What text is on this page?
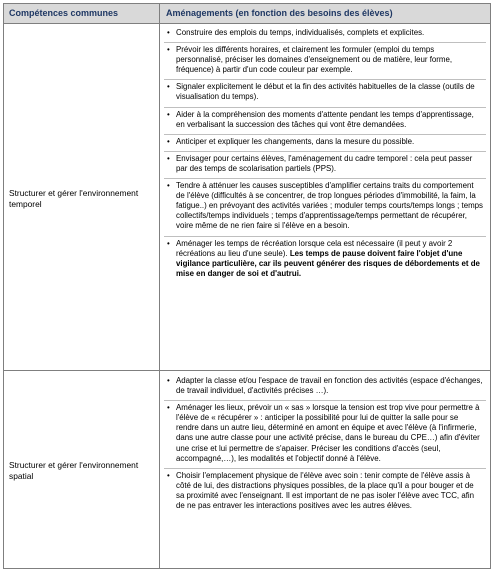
Compétences communes	Aménagements (en fonction des besoins des élèves)
Structurer et gérer l'environnement temporel
• Construire des emplois du temps, individualisés, complets et explicites.
• Prévoir les différents horaires, et clairement les formuler (emploi du temps personnalisé, préciser les domaines d'enseignement ou de matière, leur forme, fréquence) à partir d'un code couleur par exemple.
• Signaler explicitement le début et la fin des activités habituelles de la classe (outils de visualisation du temps).
• Aider à la compréhension des moments d'attente pendant les temps d'apprentissage, en verbalisant la succession des tâches qui vont être demandées.
• Anticiper et expliquer les changements, dans la mesure du possible.
• Envisager pour certains élèves, l'aménagement du cadre temporel : cela peut passer par des temps de scolarisation partiels (PPS).
• Tendre à atténuer les causes susceptibles d'amplifier certains traits du comportement de l'élève (difficultés à se concentrer, de trop longues périodes d'immobilité, la faim, la fatigue..) en prévoyant des activités variées ; moduler temps courts/temps longs ; temps collectifs/temps individuels ; temps d'apprentissage/temps permettant de récupérer, voire même de ne rien faire si l'élève en a besoin.
• Aménager les temps de récréation lorsque cela est nécessaire (il peut y avoir 2 récréations au lieu d'une seule). Les temps de pause doivent faire l'objet d'une vigilance particulière, car ils peuvent générer des risques de débordements et de mise en danger de soi et d'autrui.
Structurer et gérer l'environnement spatial
• Adapter la classe et/ou l'espace de travail en fonction des activités (espace d'échanges, de travail individuel, d'activités précises …).
• Aménager les lieux, prévoir un « sas » lorsque la tension est trop vive pour permettre à l'élève de « récupérer » : anticiper la possibilité pour lui de quitter la salle pour se rendre dans un autre lieu, déterminé en amont en équipe et avec l'élève (à l'infirmerie, dans une autre classe pour une activité précise, dans le bureau du CPE…) afin d'éviter une crise et lui permettre de s'apaiser. Préciser les conditions d'accès (seul, accompagné,…), les modalités et l'objectif donné à l'élève.
• Choisir l'emplacement physique de l'élève avec soin : tenir compte de l'élève assis à côté de lui, des distractions physiques possibles, de la place qu'il a pour bouger et de sa proximité avec l'enseignant. Il est important de ne pas isoler l'élève avec TCC, afin de ne pas entraver les interactions positives avec les autres élèves.
